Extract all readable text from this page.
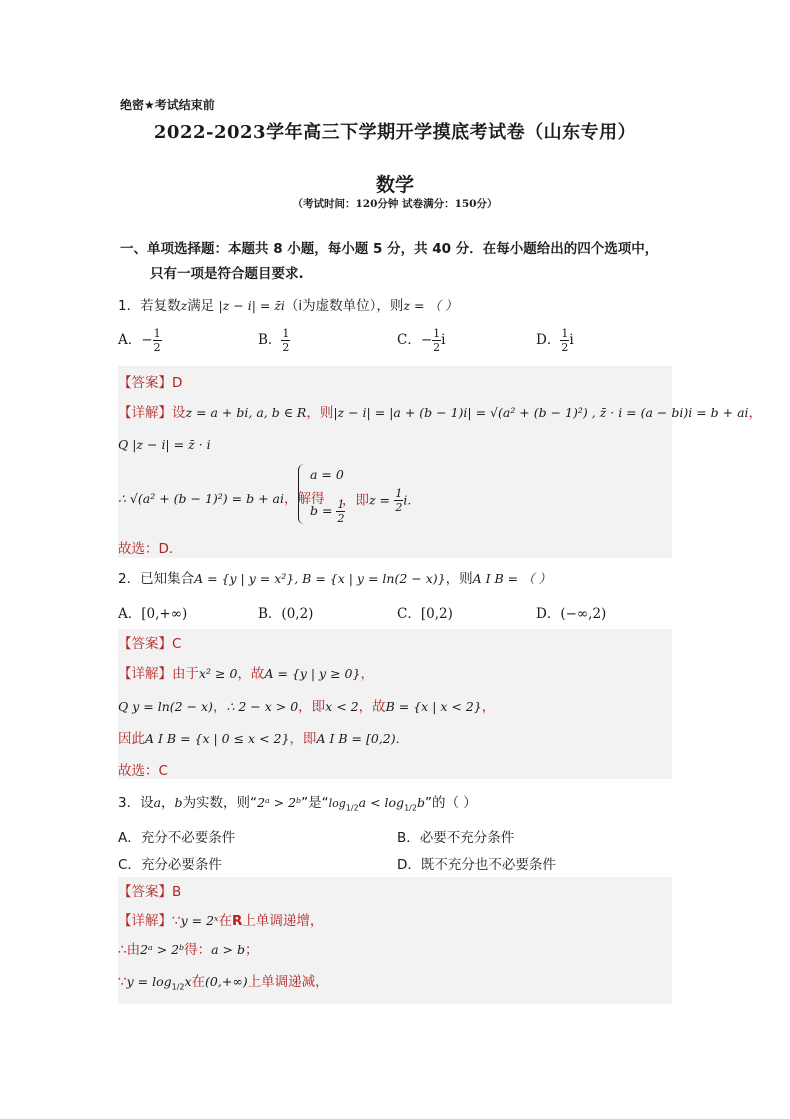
绝密★考试结束前
2022-2023学年高三下学期开学摸底考试卷（山东专用）
数学
（考试时间：120分钟 试卷满分：150分）
一、单项选择题：本题共 8 小题，每小题 5 分，共 40 分．在每小题给出的四个选项中，
只有一项是符合题目要求.
1．若复数z满足 |z − i| = z̄i（i为虚数单位），则z = （ ）
A．− $\frac{1}{2}$	B． $\frac{1}{2}$	C．− $\frac{1}{2}$ i	D． $\frac{1}{2}$ i
【答案】D
【详解】设z = a + bi, a, b ∈ R，则|z − i| = |a + (b − 1)i| = √(a² + (b − 1)²) , z̄ · i = (a − bi)i = b + ai，
Q |z − i| = z̄ · i
∴ √(a² + (b − 1)²) = b + ai，解得
a = 0
$b = \frac{1}{2}$
，即$z = \frac{1}{2} i$.
故选：D.
2．已知集合A = {y | y = x²}, B = {x | y = ln(2 − x)}，则A I B = （ ）
A．[0,+∞)	B．(0,2)	C．[0,2)	D．(−∞,2)
【答案】C
【详解】由于x² ≥ 0，故A = {y | y ≥ 0}，
Q y = ln(2 − x)，∴ 2 − x > 0，即x < 2，故B = {x | x < 2}，
因此A I B = {x | 0 ≤ x < 2}，即A I B = [0,2).
故选：C
3．设a，b为实数，则“2ᵃ > 2ᵇ”是“$\log_{1/2}a < \log_{1/2}b$”的（ ）
A．充分不必要条件	B．必要不充分条件
C．充分必要条件	D．既不充分也不必要条件
【答案】B
【详解】∵y = 2ˣ在R上单调递增，
∴由2ᵃ > 2ᵇ得：a > b；
∵y = $\log_{1/2}x$在(0,+∞)上单调递减，
